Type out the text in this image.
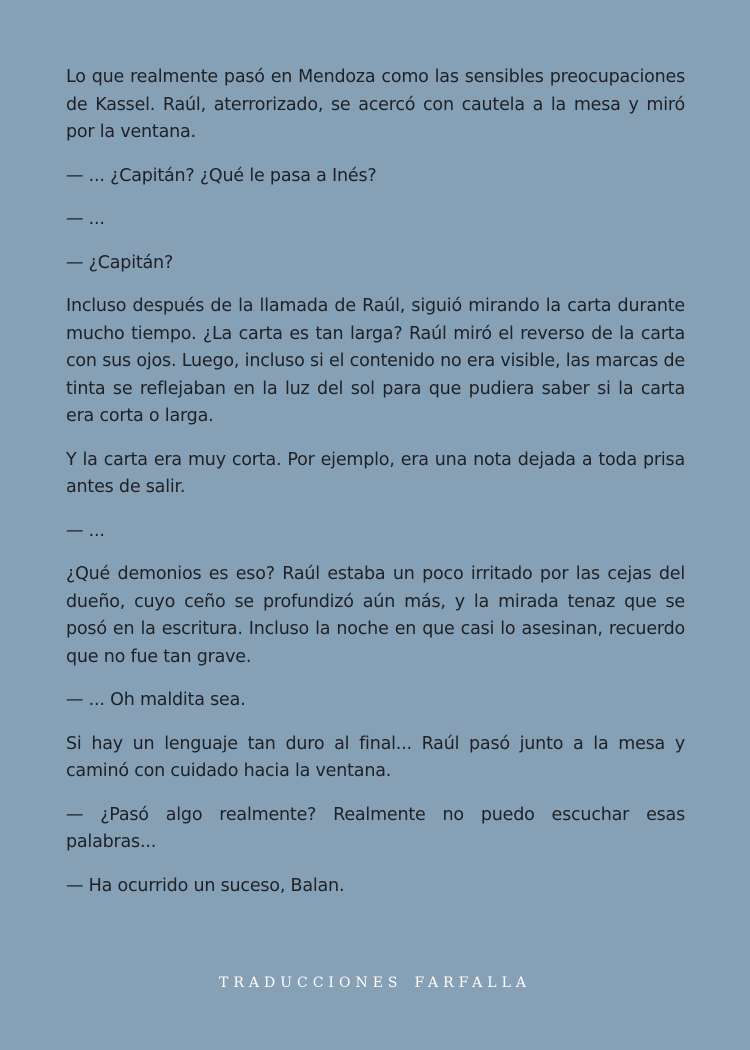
Lo que realmente pasó en Mendoza como las sensibles preocupaciones de Kassel. Raúl, aterrorizado, se acercó con cautela a la mesa y miró por la ventana.

— ... ¿Capitán? ¿Qué le pasa a Inés?

— ...

— ¿Capitán?

Incluso después de la llamada de Raúl, siguió mirando la carta durante mucho tiempo. ¿La carta es tan larga? Raúl miró el reverso de la carta con sus ojos. Luego, incluso si el contenido no era visible, las marcas de tinta se reflejaban en la luz del sol para que pudiera saber si la carta era corta o larga.

Y la carta era muy corta. Por ejemplo, era una nota dejada a toda prisa antes de salir.

— ...

¿Qué demonios es eso? Raúl estaba un poco irritado por las cejas del dueño, cuyo ceño se profundizó aún más, y la mirada tenaz que se posó en la escritura. Incluso la noche en que casi lo asesinan, recuerdo que no fue tan grave.

— ... Oh maldita sea.

Si hay un lenguaje tan duro al final... Raúl pasó junto a la mesa y caminó con cuidado hacia la ventana.

— ¿Pasó algo realmente? Realmente no puedo escuchar esas palabras...

— Ha ocurrido un suceso, Balan.

TRADUCCIONES FARFALLA
